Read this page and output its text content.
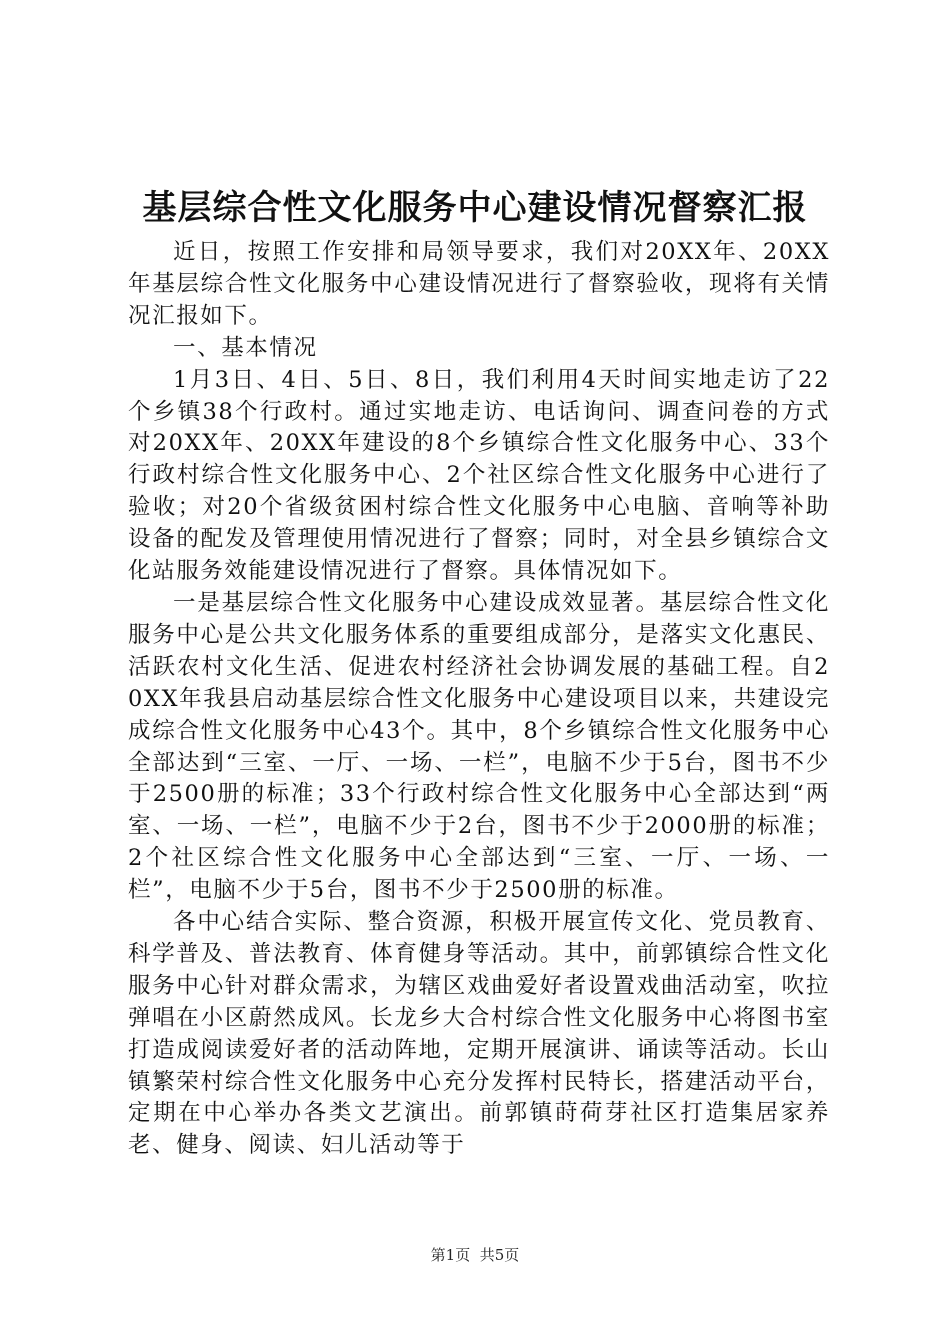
基层综合性文化服务中心建设情况督察汇报

近日，按照工作安排和局领导要求，我们对20XX年、20XX年基层综合性文化服务中心建设情况进行了督察验收，现将有关情况汇报如下。

一、基本情况

1月3日、4日、5日、8日，我们利用4天时间实地走访了22个乡镇38个行政村。通过实地走访、电话询问、调查问卷的方式对20XX年、20XX年建设的8个乡镇综合性文化服务中心、33个行政村综合性文化服务中心、2个社区综合性文化服务中心进行了验收；对20个省级贫困村综合性文化服务中心电脑、音响等补助设备的配发及管理使用情况进行了督察；同时，对全县乡镇综合文化站服务效能建设情况进行了督察。具体情况如下。

一是基层综合性文化服务中心建设成效显著。基层综合性文化服务中心是公共文化服务体系的重要组成部分，是落实文化惠民、活跃农村文化生活、促进农村经济社会协调发展的基础工程。自20XX年我县启动基层综合性文化服务中心建设项目以来，共建设完成综合性文化服务中心43个。其中，8个乡镇综合性文化服务中心全部达到“三室、一厅、一场、一栏”，电脑不少于5台，图书不少于2500册的标准；33个行政村综合性文化服务中心全部达到“两室、一场、一栏”，电脑不少于2台，图书不少于2000册的标准；2个社区综合性文化服务中心全部达到“三室、一厅、一场、一栏”，电脑不少于5台，图书不少于2500册的标准。

各中心结合实际、整合资源，积极开展宣传文化、党员教育、科学普及、普法教育、体育健身等活动。其中，前郭镇综合性文化服务中心针对群众需求，为辖区戏曲爱好者设置戏曲活动室，吹拉弹唱在小区蔚然成风。长龙乡大合村综合性文化服务中心将图书室打造成阅读爱好者的活动阵地，定期开展演讲、诵读等活动。长山镇繁荣村综合性文化服务中心充分发挥村民特长，搭建活动平台，定期在中心举办各类文艺演出。前郭镇莳荷芽社区打造集居家养老、健身、阅读、妇儿活动等于

第1页 共5页
